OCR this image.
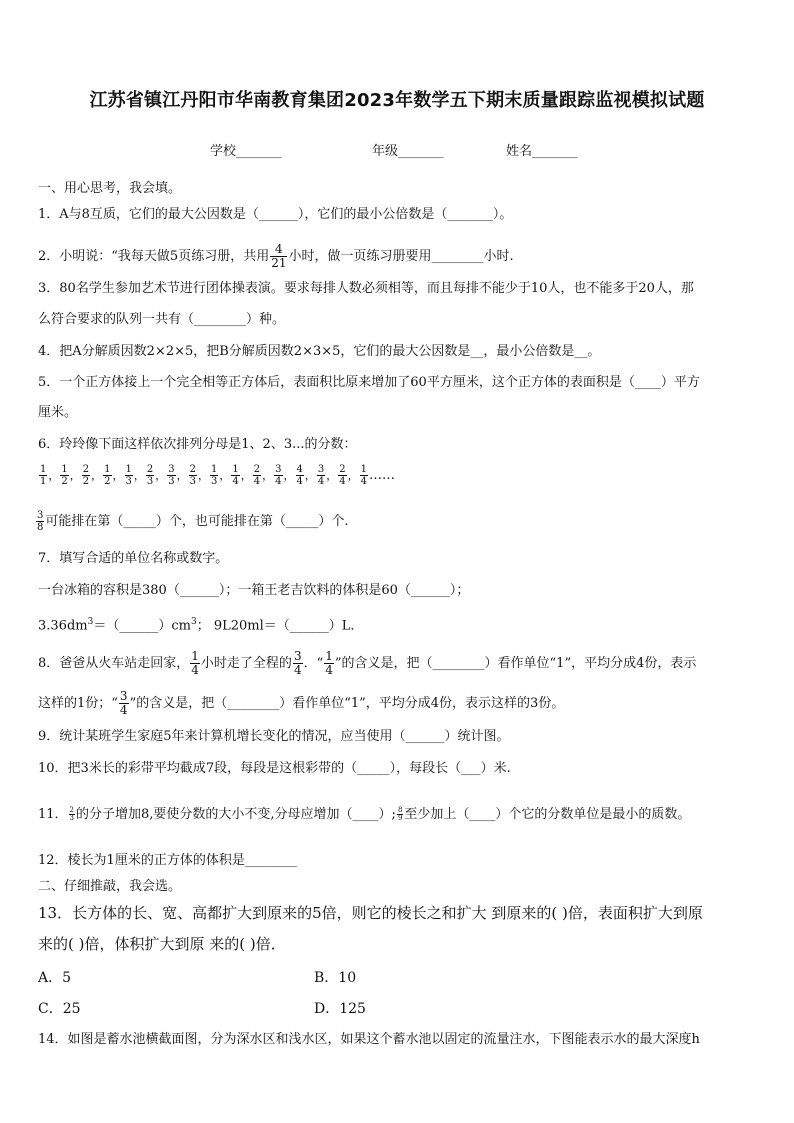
江苏省镇江丹阳市华南教育集团2023年数学五下期末质量跟踪监视模拟试题
学校_______	年级_______	姓名_______
一、用心思考，我会填。
1．A与8互质，它们的最大公因数是（______），它们的最小公倍数是（_______）。
2．小明说：“我每天做5页练习册，共用 $\frac{4}{21}$ 小时，做一页练习册要用________小时.
3．80名学生参加艺术节进行团体操表演。要求每排人数必须相等，而且每排不能少于10人，也不能多于20人，那
么符合要求的队列一共有（________）种。
4．把A分解质因数2×2×5，把B分解质因数2×3×5，它们的最大公因数是__，最小公倍数是__。
5．一个正方体接上一个完全相等正方体后，表面积比原来增加了60平方厘米，这个正方体的表面积是（____）平方
厘米。
6．玲玲像下面这样依次排列分母是1、2、3...的分数：
$\frac{1}{1}$ ， $\frac{1}{2}$ ， $\frac{2}{2}$ ， $\frac{1}{2}$ ， $\frac{1}{3}$ ， $\frac{2}{3}$ ， $\frac{3}{3}$ ， $\frac{2}{3}$ ， $\frac{1}{3}$ ， $\frac{1}{4}$ ， $\frac{2}{4}$ ， $\frac{3}{4}$ ， $\frac{4}{4}$ ， $\frac{3}{4}$ ， $\frac{2}{4}$ ， $\frac{1}{4}$ ……
$\frac{3}{8}$ 可能排在第（_____）个，也可能排在第（_____）个.
7．填写合适的单位名称或数字。
一台冰箱的容积是380（______）；一箱王老吉饮料的体积是60（______）；
$3.36dm^3=(\_\_\_\_\_\_)cm^3$； 9L20ml＝（______）L．
8．爸爸从火车站走回家， $\frac{1}{4}$ 小时走了全程的 $\frac{3}{4}$ ．“ $\frac{1}{4}$ ”的含义是，把（________）看作单位“1”，平均分成4份，表示
这样的1份；“ $\frac{3}{4}$ ”的含义是，把（________）看作单位“1”，平均分成4份，表示这样的3份。
9．统计某班学生家庭5年来计算机增长变化的情况，应当使用（______）统计图。
10．把3米长的彩带平均截成7段，每段是这根彩带的（_____），每段长（___）米.
11． $\frac{2}{3}$ 的分子增加8,要使分数的大小不变,分母应增加（____）; $\frac{8}{9}$ 至少加上（____）个它的分数单位是最小的质数。
12．棱长为1厘米的正方体的体积是________
二、仔细推敲，我会选。
13．长方体的长、宽、高都扩大到原来的5倍，则它的棱长之和扩大 到原来的( )倍，表面积扩大到原
来的( )倍，体积扩大到原 来的( )倍．
A．5	B．10
C．25	D．125
14．如图是蓄水池横截面图，分为深水区和浅水区，如果这个蓄水池以固定的流量注水，下图能表示水的最大深度h
